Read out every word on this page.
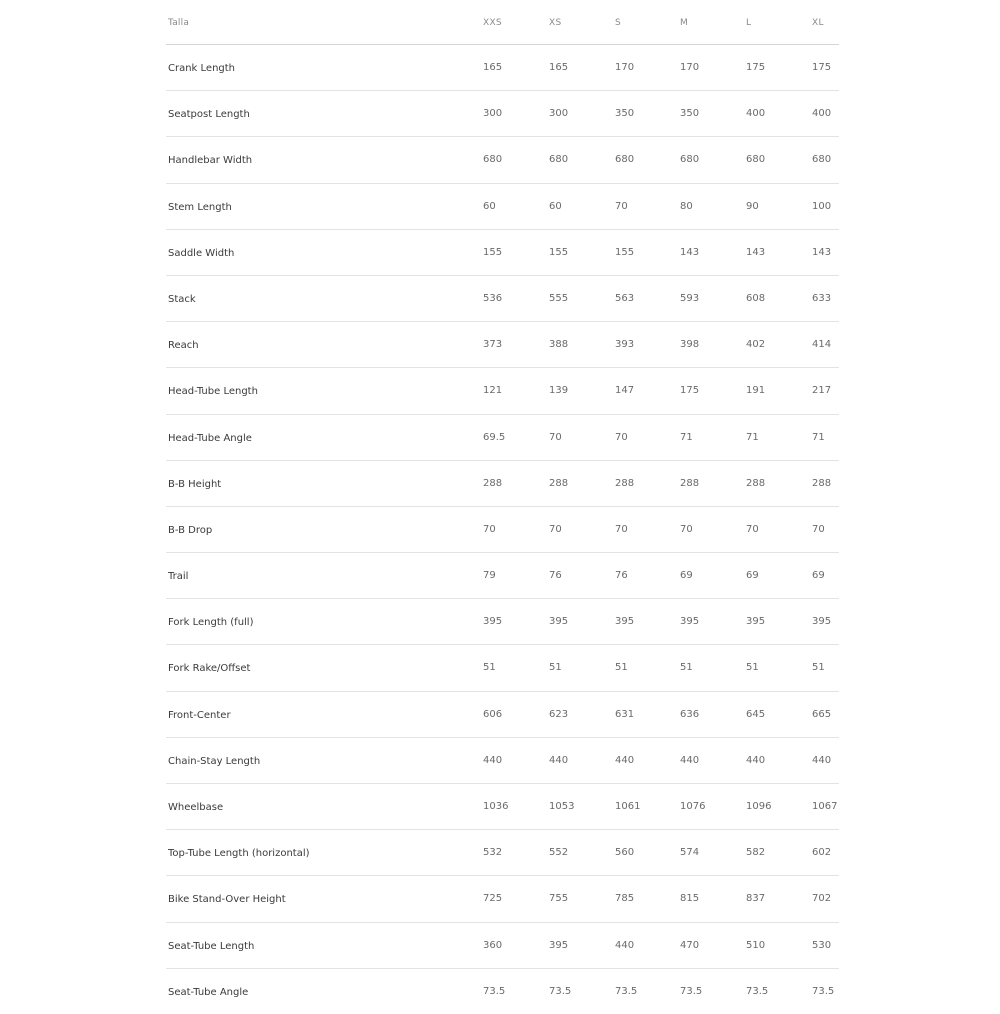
Talla	XXS	XS	S	M	L	XL
Crank Length	165	165	170	170	175	175
Seatpost Length	300	300	350	350	400	400
Handlebar Width	680	680	680	680	680	680
Stem Length	60	60	70	80	90	100
Saddle Width	155	155	155	143	143	143
Stack	536	555	563	593	608	633
Reach	373	388	393	398	402	414
Head-Tube Length	121	139	147	175	191	217
Head-Tube Angle	69.5	70	70	71	71	71
B-B Height	288	288	288	288	288	288
B-B Drop	70	70	70	70	70	70
Trail	79	76	76	69	69	69
Fork Length (full)	395	395	395	395	395	395
Fork Rake/Offset	51	51	51	51	51	51
Front-Center	606	623	631	636	645	665
Chain-Stay Length	440	440	440	440	440	440
Wheelbase	1036	1053	1061	1076	1096	1067
Top-Tube Length (horizontal)	532	552	560	574	582	602
Bike Stand-Over Height	725	755	785	815	837	702
Seat-Tube Length	360	395	440	470	510	530
Seat-Tube Angle	73.5	73.5	73.5	73.5	73.5	73.5
